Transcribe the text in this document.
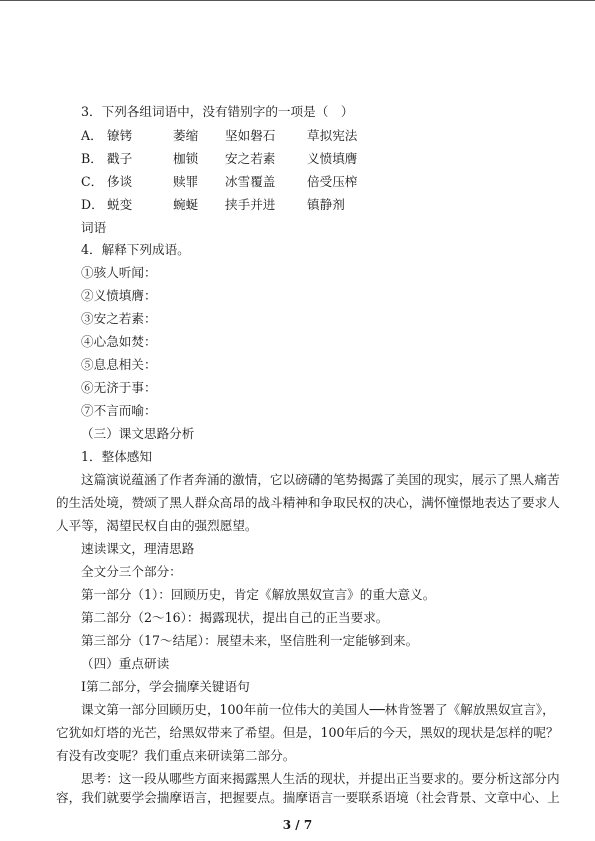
3．下列各组词语中，没有错别字的一项是（　）
A． 镣铐	萎缩 坚如磐石	草拟宪法
B． 戳子	枷锁 安之若素	义愤填膺
C． 侈谈	赎罪 冰雪覆盖	倍受压榨
D． 蜕变	蜿蜒 挟手并进	镇静剂
词语
4．解释下列成语。
①骇人听闻：
②义愤填膺：
③安之若素：
④心急如焚：
⑤息息相关：
⑥无济于事：
⑦不言而喻：
（三）课文思路分析
1．整体感知
这篇演说蕴涵了作者奔涌的激情，它以磅礴的笔势揭露了美国的现实，展示了黑人痛苦
的生活处境，赞颂了黑人群众高昂的战斗精神和争取民权的决心，满怀憧憬地表达了要求人
人平等，渴望民权自由的强烈愿望。
速读课文，理清思路
全文分三个部分：
第一部分（1）：回顾历史，肯定《解放黑奴宣言》的重大意义。
第二部分（2～16）：揭露现状，提出自己的正当要求。
第三部分（17～结尾）：展望未来，坚信胜利一定能够到来。
（四）重点研读
Ⅰ第二部分，学会揣摩关键语句
课文第一部分回顾历史，100年前一位伟大的美国人──林肯签署了《解放黑奴宣言》，
它犹如灯塔的光芒，给黑奴带来了希望。但是，100年后的今天，黑奴的现状是怎样的呢？
有没有改变呢？我们重点来研读第二部分。
思考：这一段从哪些方面来揭露黑人生活的现状，并提出正当要求的。要分析这部分内
容，我们就要学会揣摩语言，把握要点。揣摩语言一要联系语境（社会背景、文章中心、上
3 / 7
